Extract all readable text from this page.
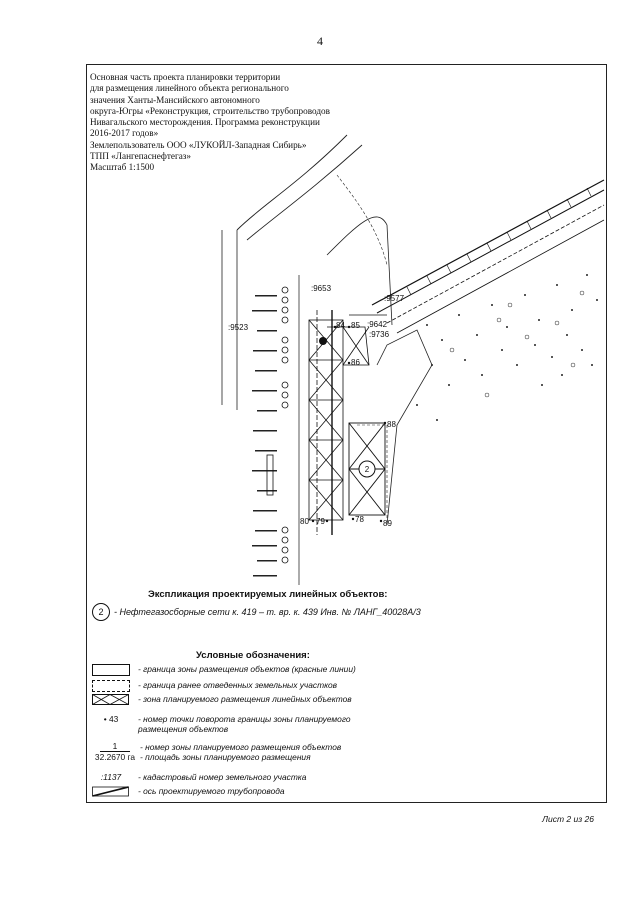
4
2
:9653
:9523
:9577
:9642
:9736
84 85
86
88
89
80 79	78
Основная часть проекта планировки территории
для размещения линейного объекта регионального
значения Ханты-Мансийского автономного
округа-Югры «Реконструкция, строительство трубопроводов
Нивагальского месторождения. Программа реконструкции
2016-2017 годов»
Землепользователь ООО «ЛУКОЙЛ-Западная Сибирь»
ТПП «Лангепаснефтегаз»
Масштаб 1:1500
Экспликация проектируемых линейных объектов:
2	- Нефтегазосборные сети к. 419 – т. вр. к. 439 Инв. № ЛАНГ_40028А/3
Условные обозначения:
- граница зоны размещения объектов (красные линии)
- граница ранее отведенных земельных участков
- зона планируемого размещения линейных объектов
• 43	- номер точки поворота границы зоны планируемого
размещения объектов
1
32.2670 га
- номер зоны планируемого размещения объектов
- площадь зоны планируемого размещения
:1137	- кадастровый номер земельного участка
- ось проектируемого трубопровода
Лист 2 из 26
